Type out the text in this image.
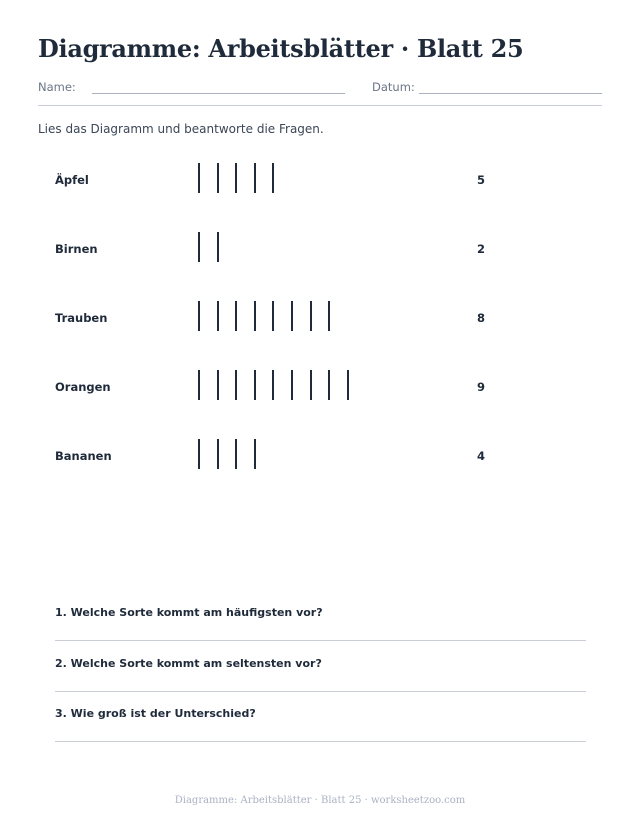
Diagramme: Arbeitsblätter · Blatt 25
Name:	Datum:
Lies das Diagramm und beantworte die Fragen.
Äpfel	5
Birnen	2
Trauben	8
Orangen	9
Bananen	4
1. Welche Sorte kommt am häufigsten vor?
2. Welche Sorte kommt am seltensten vor?
3. Wie groß ist der Unterschied?
Diagramme: Arbeitsblätter · Blatt 25 · worksheetzoo.com
